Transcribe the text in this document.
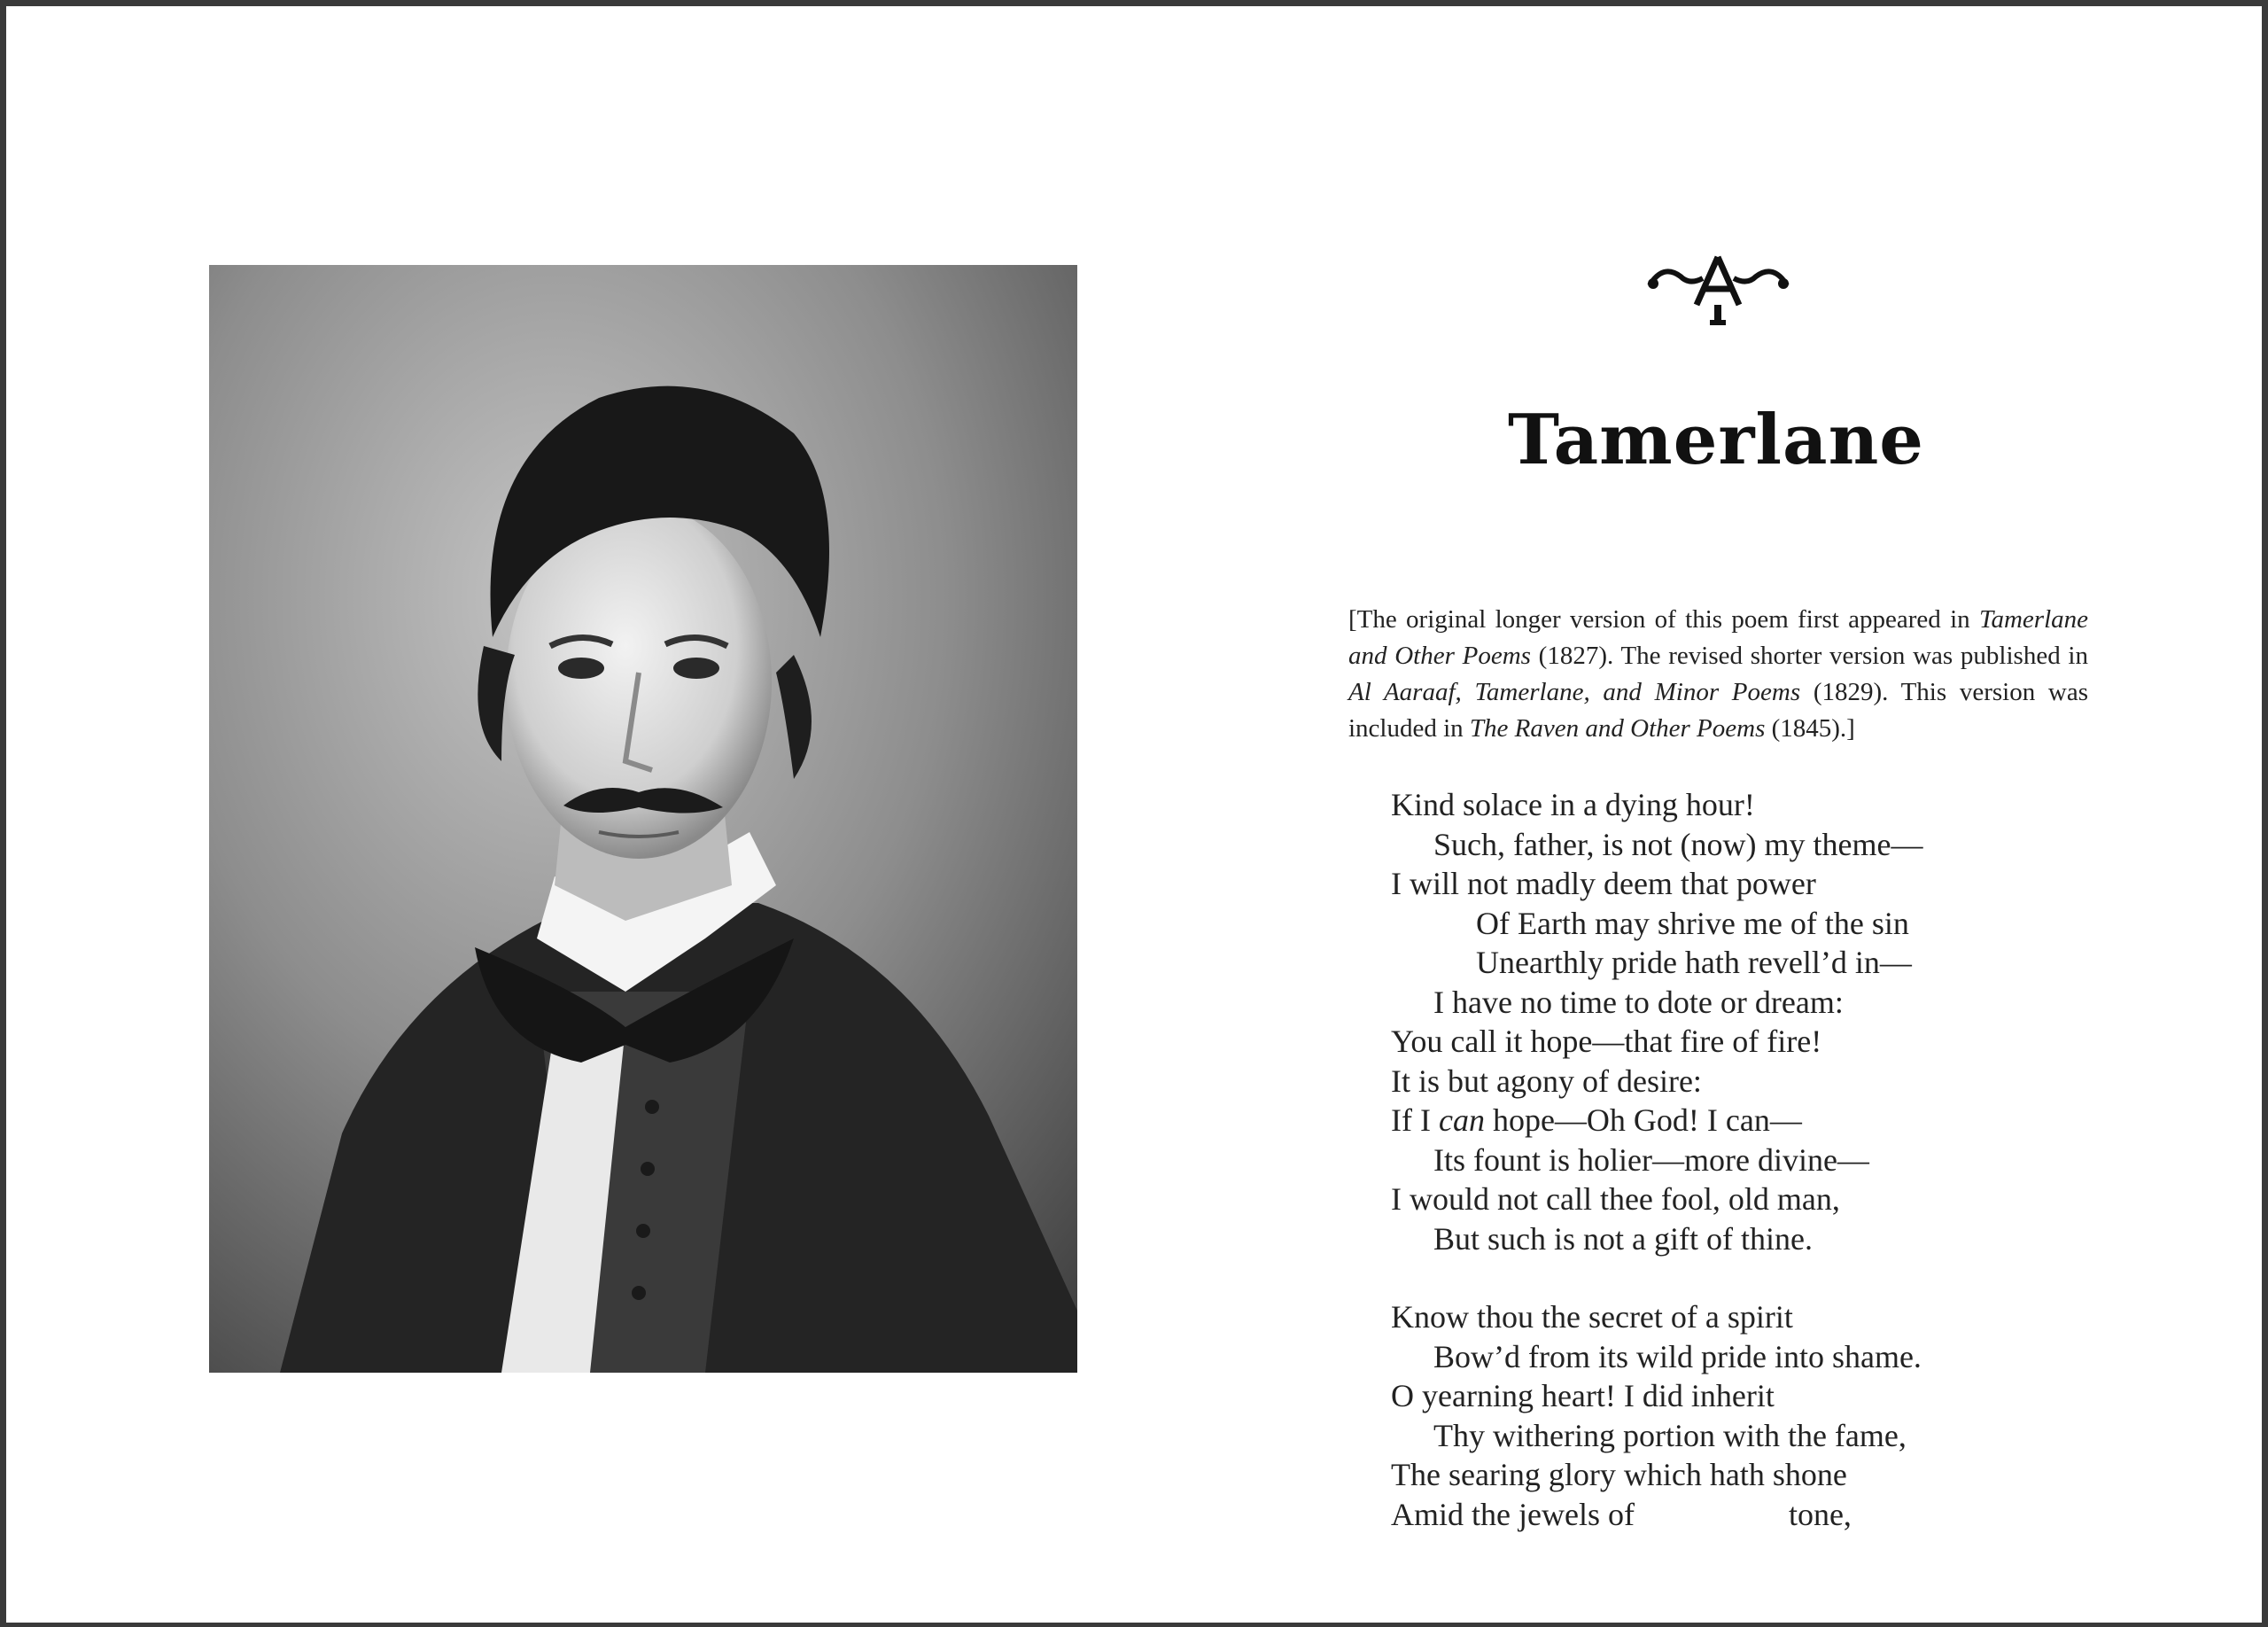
Tamerlane
[The original longer version of this poem first appeared in Tamerlane and Other Poems (1827). The revised shorter version was published in Al Aaraaf, Tamerlane, and Minor Poems (1829). This version was included in The Raven and Other Poems (1845).]
Kind solace in a dying hour!
Such, father, is not (now) my theme—
I will not madly deem that power
Of Earth may shrive me of the sin
Unearthly pride hath revell’d in—
I have no time to dote or dream:
You call it hope—that fire of fire!
It is but agony of desire:
If I can hope—Oh God! I can—
Its fount is holier—more divine—
I would not call thee fool, old man,
But such is not a gift of thine.
Know thou the secret of a spirit
Bow’d from its wild pride into shame.
O yearning heart! I did inherit
Thy withering portion with the fame,
The searing glory which hath shone
Amid the jewels of	tone,
